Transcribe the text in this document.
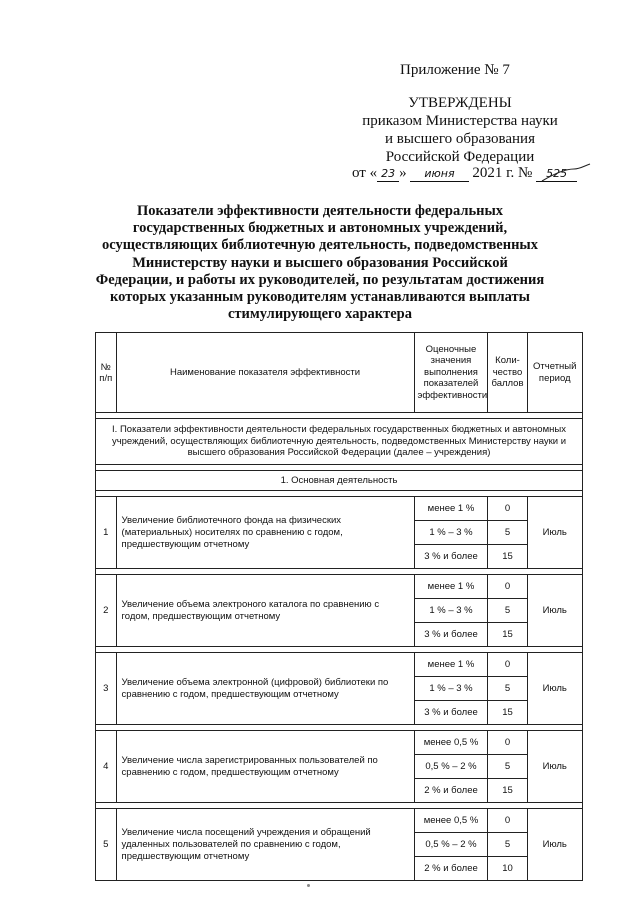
Приложение № 7
УТВЕРЖДЕНЫ
приказом Министерства науки
и высшего образования
Российской Федерации
от « 23 » июня 2021 г. № 525
Показатели эффективности деятельности федеральных государственных бюджетных и автономных учреждений, осуществляющих библиотечную деятельность, подведомственных Министерству науки и высшего образования Российской Федерации, и работы их руководителей, по результатам достижения которых указанным руководителям устанавливаются выплаты стимулирующего характера
№ п/п	Наименование показателя эффективности	Оценочные значения выполнения показателей эффективности	Коли-чество баллов	Отчетный период

I. Показатели эффективности деятельности федеральных государственных бюджетных и автономных учреждений, осуществляющих библиотечную деятельность, подведомственных Министерству науки и высшего образования Российской Федерации (далее – учреждения)				

1. Основная деятельность				

1	Увеличение библиотечного фонда на физических (материальных) носителях по сравнению с годом, предшествующим отчетному	менее 1 %	0	Июль
		1 % – 3 %	5	
		3 % и более	15	

2	Увеличение объема электроного каталога по сравнению с годом, предшествующим отчетному	менее 1 %	0	Июль
		1 % – 3 %	5	
		3 % и более	15	

3	Увеличение объема электронной (цифровой) библиотеки по сравнению с годом, предшествующим отчетному	менее 1 %	0	Июль
		1 % – 3 %	5	
		3 % и более	15	

4	Увеличение числа зарегистрированных пользователей по сравнению с годом, предшествующим отчетному	менее 0,5 %	0	Июль
		0,5 % – 2 %	5	
		2 % и более	15	

5	Увеличение числа посещений учреждения и обращений удаленных пользователей по сравнению с годом, предшествующим отчетному	менее 0,5 %	0	Июль
		0,5 % – 2 %	5	
		2 % и более	10	
